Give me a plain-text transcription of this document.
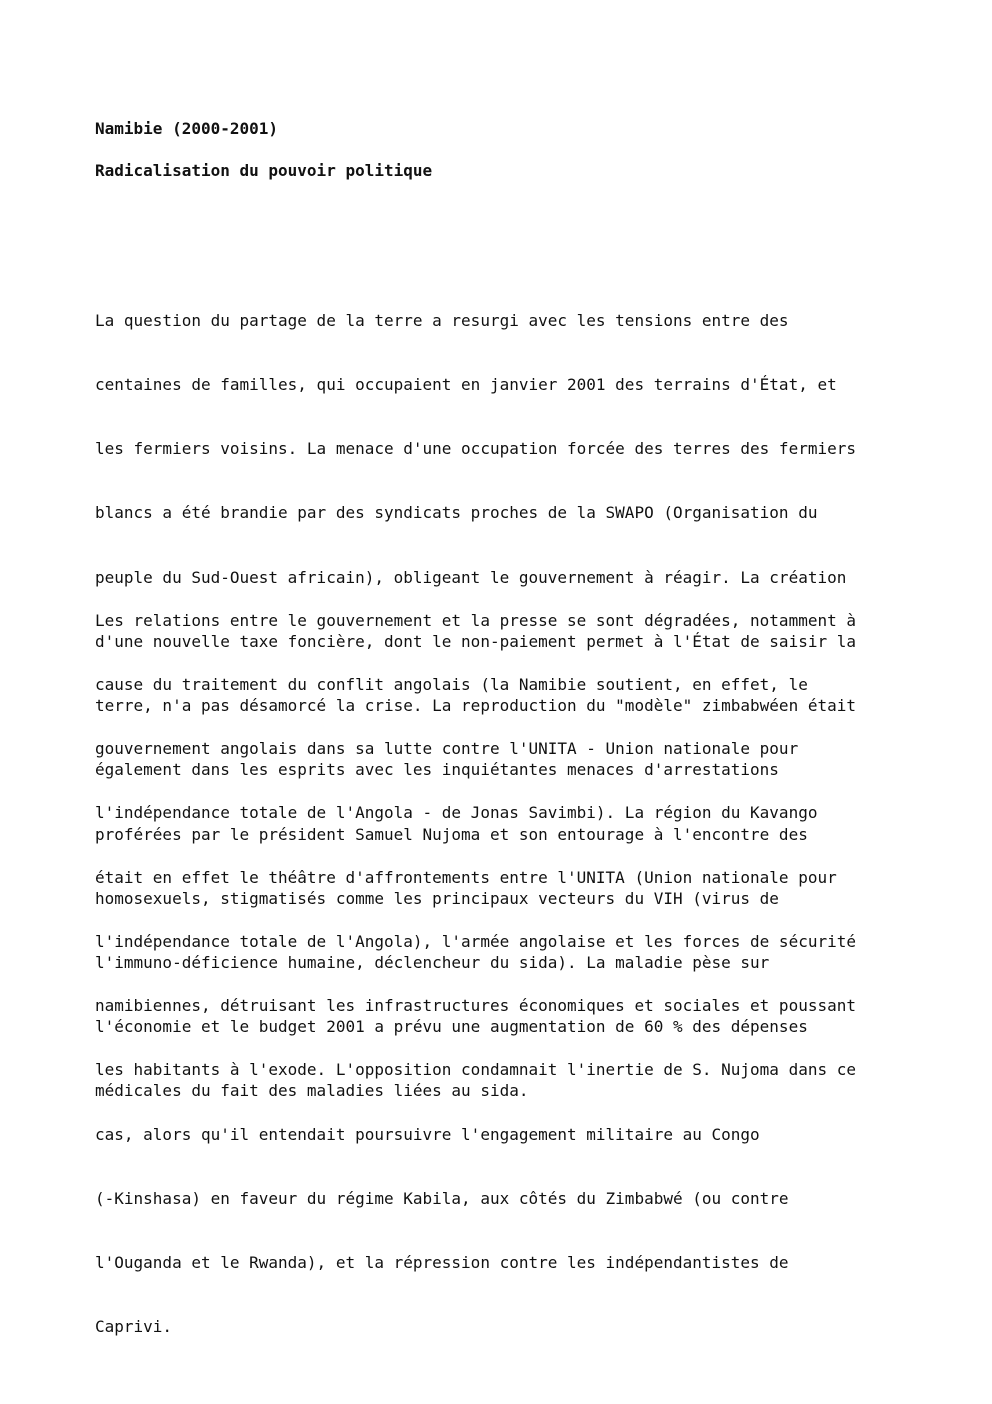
Namibie (2000-2001)
Radicalisation du pouvoir politique

La question du partage de la terre a resurgi avec les tensions entre des

centaines de familles, qui occupaient en janvier 2001 des terrains d'État, et

les fermiers voisins. La menace d'une occupation forcée des terres des fermiers

blancs a été brandie par des syndicats proches de la SWAPO (Organisation du

peuple du Sud-Ouest africain), obligeant le gouvernement à réagir. La création

d'une nouvelle taxe foncière, dont le non-paiement permet à l'État de saisir la

terre, n'a pas désamorcé la crise. La reproduction du "modèle" zimbabwéen était

également dans les esprits avec les inquiétantes menaces d'arrestations

proférées par le président Samuel Nujoma et son entourage à l'encontre des

homosexuels, stigmatisés comme les principaux vecteurs du VIH (virus de

l'immuno-déficience humaine, déclencheur du sida). La maladie pèse sur

l'économie et le budget 2001 a prévu une augmentation de 60 % des dépenses

médicales du fait des maladies liées au sida.

Les relations entre le gouvernement et la presse se sont dégradées, notamment à

cause du traitement du conflit angolais (la Namibie soutient, en effet, le

gouvernement angolais dans sa lutte contre l'UNITA - Union nationale pour

l'indépendance totale de l'Angola - de Jonas Savimbi). La région du Kavango

était en effet le théâtre d'affrontements entre l'UNITA (Union nationale pour

l'indépendance totale de l'Angola), l'armée angolaise et les forces de sécurité

namibiennes, détruisant les infrastructures économiques et sociales et poussant

les habitants à l'exode. L'opposition condamnait l'inertie de S. Nujoma dans ce

cas, alors qu'il entendait poursuivre l'engagement militaire au Congo

(-Kinshasa) en faveur du régime Kabila, aux côtés du Zimbabwé (ou contre

l'Ouganda et le Rwanda), et la répression contre les indépendantistes de

Caprivi.
